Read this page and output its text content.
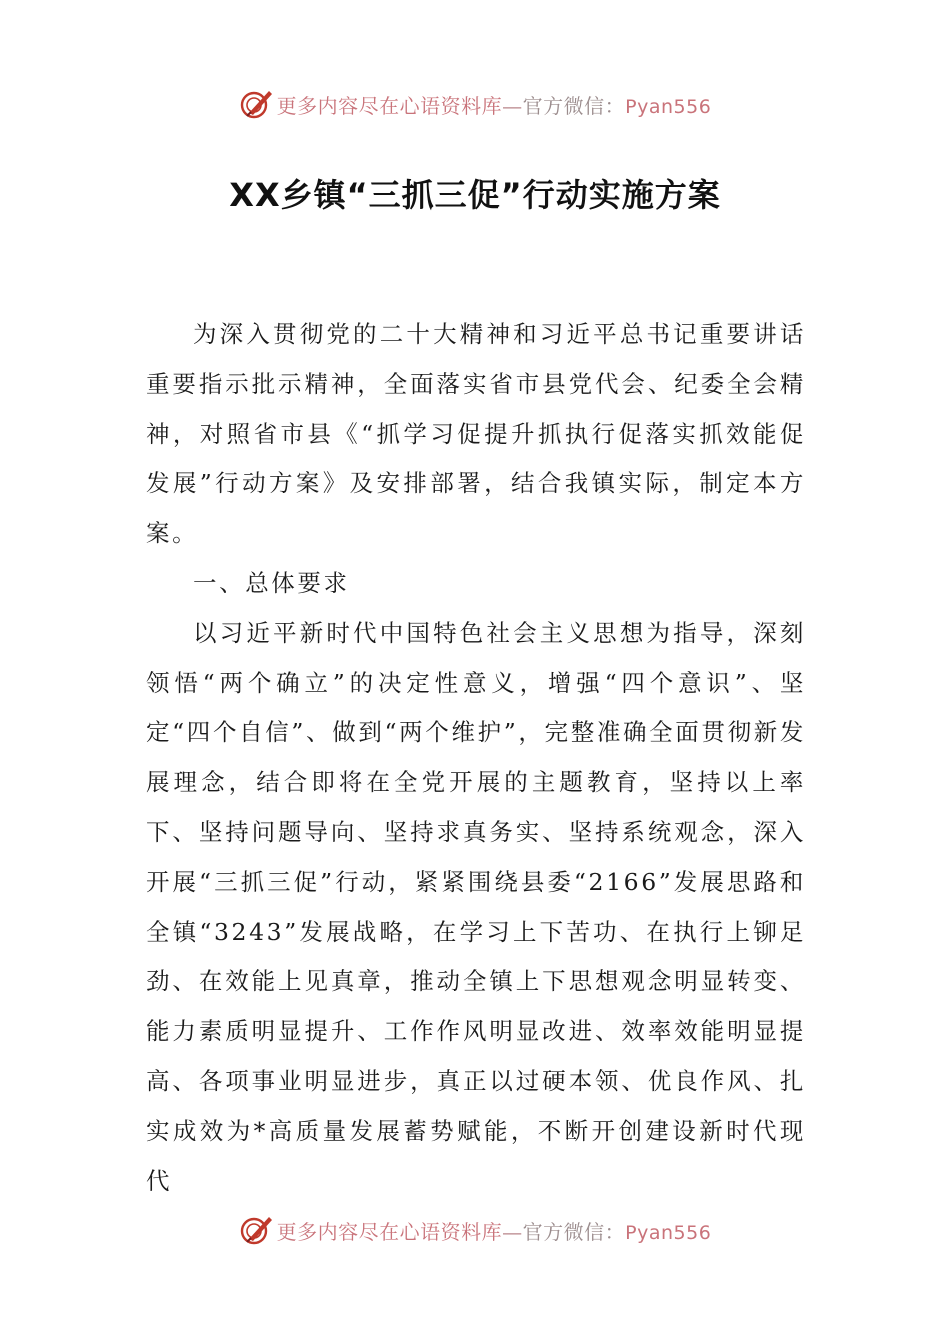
更多内容尽在心语资料库—官方微信：Pyan556
XX乡镇“三抓三促”行动实施方案

为深入贯彻党的二十大精神和习近平总书记重要讲话重要指示批示精神，全面落实省市县党代会、纪委全会精神，对照省市县《“抓学习促提升抓执行促落实抓效能促发展”行动方案》及安排部署，结合我镇实际，制定本方案。

一、总体要求

以习近平新时代中国特色社会主义思想为指导，深刻领悟“两个确立”的决定性意义，增强“四个意识”、坚定“四个自信”、做到“两个维护”，完整准确全面贯彻新发展理念，结合即将在全党开展的主题教育，坚持以上率下、坚持问题导向、坚持求真务实、坚持系统观念，深入开展“三抓三促”行动，紧紧围绕县委“2166”发展思路和全镇“3243”发展战略，在学习上下苦功、在执行上铆足劲、在效能上见真章，推动全镇上下思想观念明显转变、能力素质明显提升、工作作风明显改进、效率效能明显提高、各项事业明显进步，真正以过硬本领、优良作风、扎实成效为*高质量发展蓄势赋能，不断开创建设新时代现代

更多内容尽在心语资料库—官方微信：Pyan556
